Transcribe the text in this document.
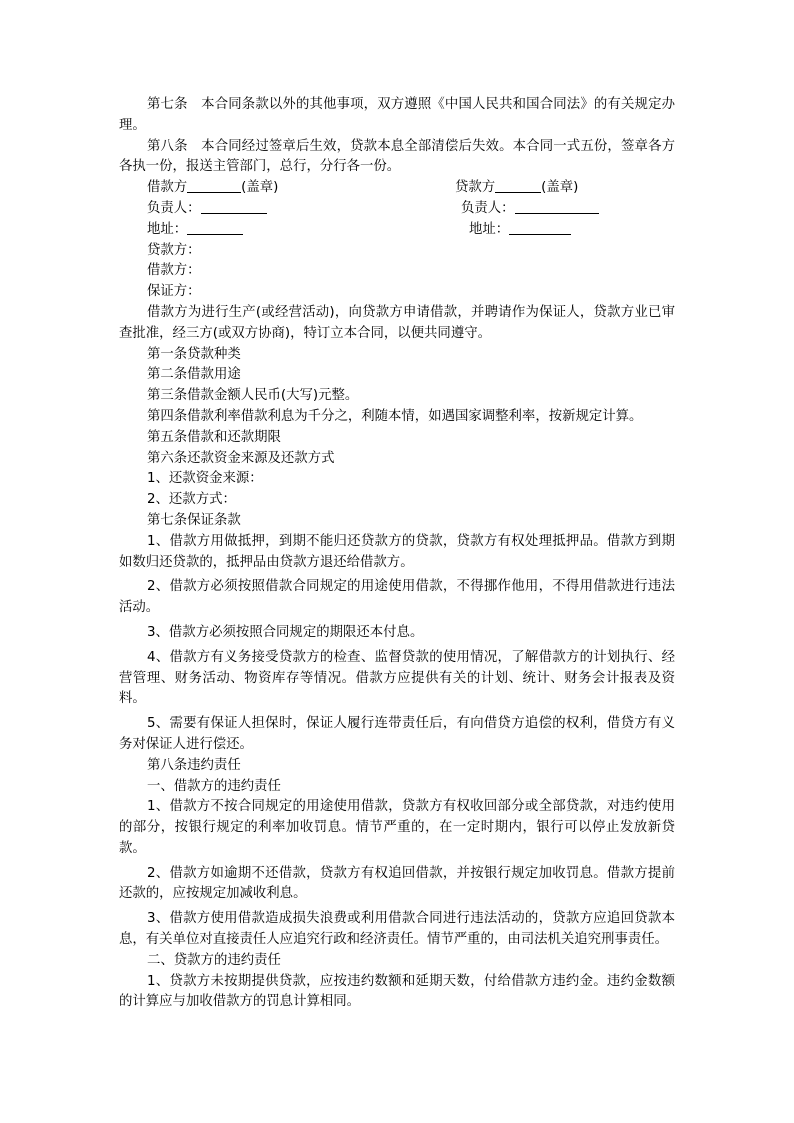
第七条　本合同条款以外的其他事项，双方遵照《中国人民共和国合同法》的有关规定办理。

第八条　本合同经过签章后生效，贷款本息全部清偿后失效。本合同一式五份，签章各方各执一份，报送主管部门，总行，分行各一份。

借款方	(盖章)	贷款方	(盖章)
负责人：	负责人：
地址：	地址：
贷款方：
借款方：
保证方：

借款方为进行生产(或经营活动)，向贷款方申请借款，并聘请作为保证人，贷款方业已审查批准，经三方(或双方协商)，特订立本合同，以便共同遵守。

第一条贷款种类
第二条借款用途
第三条借款金额人民币(大写)元整。
第四条借款利率借款利息为千分之，利随本情，如遇国家调整利率，按新规定计算。
第五条借款和还款期限
第六条还款资金来源及还款方式
1、还款资金来源：
2、还款方式：
第七条保证条款

1、借款方用做抵押，到期不能归还贷款方的贷款，贷款方有权处理抵押品。借款方到期如数归还贷款的，抵押品由贷款方退还给借款方。

2、借款方必须按照借款合同规定的用途使用借款，不得挪作他用，不得用借款进行违法活动。

3、借款方必须按照合同规定的期限还本付息。

4、借款方有义务接受贷款方的检查、监督贷款的使用情况，了解借款方的计划执行、经营管理、财务活动、物资库存等情况。借款方应提供有关的计划、统计、财务会计报表及资料。

5、需要有保证人担保时，保证人履行连带责任后，有向借贷方追偿的权利，借贷方有义务对保证人进行偿还。

第八条违约责任
一、借款方的违约责任

1、借款方不按合同规定的用途使用借款，贷款方有权收回部分或全部贷款，对违约使用的部分，按银行规定的利率加收罚息。情节严重的，在一定时期内，银行可以停止发放新贷款。

2、借款方如逾期不还借款，贷款方有权追回借款，并按银行规定加收罚息。借款方提前还款的，应按规定加减收利息。

3、借款方使用借款造成损失浪费或利用借款合同进行违法活动的，贷款方应追回贷款本息，有关单位对直接责任人应追究行政和经济责任。情节严重的，由司法机关追究刑事责任。

二、贷款方的违约责任

1、贷款方未按期提供贷款，应按违约数额和延期天数，付给借款方违约金。违约金数额的计算应与加收借款方的罚息计算相同。
